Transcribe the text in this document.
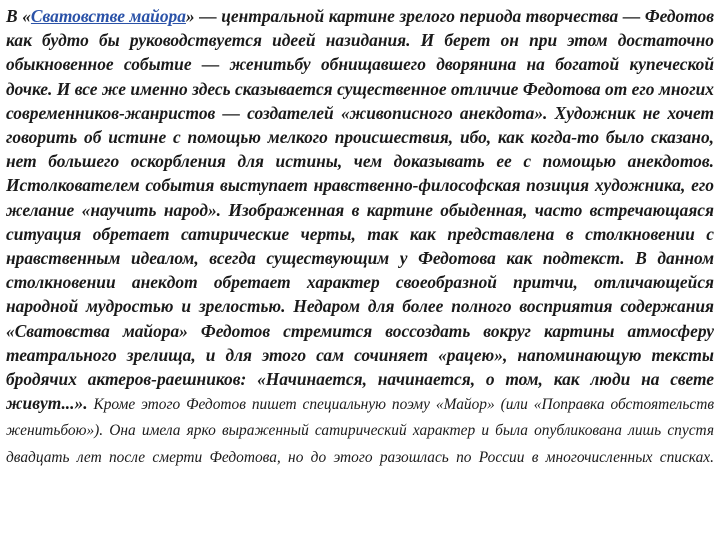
В «Сватовстве майора» — центральной картине зрелого периода творчества — Федотов как будто бы руководствуется идеей назидания. И берет он при этом достаточно обыкновенное событие — женитьбу обнищавшего дворянина на богатой купеческой дочке. И все же именно здесь сказывается существенное отличие Федотова от его многих современников-жанристов — создателей «живописного анекдота». Художник не хочет говорить об истине с помощью мелкого происшествия, ибо, как когда-то было сказано, нет большего оскорбления для истины, чем доказывать ее с помощью анекдотов. Истолкователем события выступает нравственно-философская позиция художника, его желание «научить народ». Изображенная в картине обыденная, часто встречающаяся ситуация обретает сатирические черты, так как представлена в столкновении с нравственным идеалом, всегда существующим у Федотова как подтекст. В данном столкновении анекдот обретает характер своеобразной притчи, отличающейся народной мудростью и зрелостью. Недаром для более полного восприятия содержания «Сватовства майора» Федотов стремится воссоздать вокруг картины атмосферу театрального зрелища, и для этого сам сочиняет «рацею», напоминающую тексты бродячих актеров-раешников: «Начинается, начинается, о том, как люди на свете живут...». Кроме этого Федотов пишет специальную поэму «Майор» (или «Поправка обстоятельств женитьбою»). Она имела ярко выраженный сатирический характер и была опубликована лишь спустя двадцать лет после смерти Федотова, но до этого разошлась по России в многочисленных списках.
